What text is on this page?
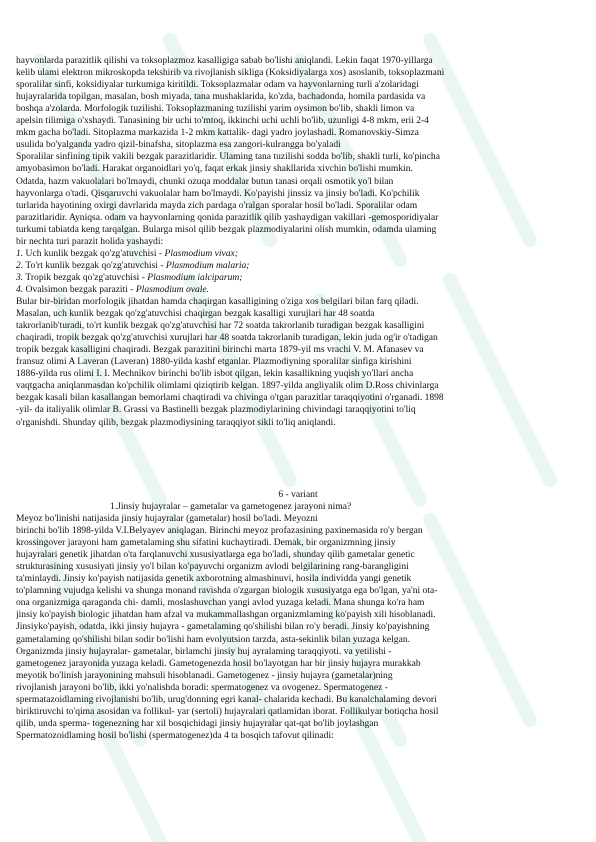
hayvonlarda parazitlik qilishi va toksoplazmoz kasalligiga sabab bo'lishi aniqlandi. Lekin faqat 1970-yillarga
kelib ulami elektron mikroskopda tekshirib va rivojlanish sikliga (Koksidiyalarga xos) asoslanib, toksoplazmani
sporalilar sinfi, koksidiyalar turkumiga kiritildi. Toksoplazmalar odam va hayvonlarning turli a'zolaridagi
hujayralarida topilgan, masalan, bosh miyada, tana mushaklarida, ko'zda, bachadonda, homila pardasida va
boshqa a'zolarda. Morfologik tuzilishi. Toksoplazmaning tuzilishi yarim oysimon bo'lib, shakli limon va
apelsin tilimiga o'xshaydi. Tanasining bir uchi to'mtoq, ikkinchi uchi uchli bo'lib, uzunligi 4-8 mkm, erii 2-4
mkm gacha bo'ladi. Sitoplazma markazida 1-2 mkm kattalik- dagi yadro joylashadi. Romanovskiy-Simza
usulida bo'yalganda yadro qizil-binafsha, sitoplazma esa zangori-kulrangga bo'yaladi
Sporalilar sinfining tipik vakili bezgak parazitlaridir. Ulaming tana tuzilishi sodda bo'lib, shakli turli, ko'pincha
amyobasimon bo'ladi. Harakat organoidlari yo'q, faqat erkak jinsiy shakllarida xivchin bo'lishi mumkin.
Odatda, hazm vakuolalari bo'lmaydi, chunki ozuqa moddalar butun tanasi orqali osmotik yo'l bilan
hayvonlarga o'tadi. Qisqaruvchi vakuolalar ham bo'lmaydi. Ko'payishi jinssiz va jinsiy bo'ladi. Ko'pchilik
turlarida hayotining oxirgi davrlarida mayda zich pardaga o'ralgan sporalar hosil bo'ladi. Sporalilar odam
parazitlaridir. Ayniqsa. odam va hayvonlarning qonida parazitlik qilib yashaydigan vakillari -gemosporidiyalar
turkumi tabiatda keng tarqalgan. Bularga misol qilib bezgak plazmodiyalarini olish mumkin, odamda ulaming
bir nechta turi parazit holida yashaydi:
1. Uch kunlik bezgak qo'zg'atuvchisi - Plasmodium vivax;
2. To'rt kunlik bezgak qo'zg'atuvchisi - Plasmodium malaria;
3. Tropik bezgak qo'zg'atuvchisi - Plasmodium ialciparum;
4. Ovalsimon bezgak paraziti - Plasmodium ovale.
Bular bir-biridan morfologik jihatdan hamda chaqirgan kasalligining o'ziga xos belgilari bilan farq qiladi.
Masalan, uch kunlik bezgak qo'zg'atuvchisi chaqirgan bezgak kasalligi xurujlari har 48 soatda
takrorlanib'turadi, to'rt kunlik bezgak qo'zg'atuvchisi har 72 soatda takrorlanib turadigan bezgak kasalligini
chaqiradi, tropik bezgak qo'zg'atuvchisi xurujlari har 48 soatda takrorlanib turadigan, lekin juda og'ir o'tadigan
tropik bezgak kasalligini chaqiradi. Bezgak parazitini birinchi marta 1879-yil ms vrachi V. M. Afanasev va
fransuz olimi A Laveran (Laveran) 1880-yilda kashf etganlar. Plazmodiyning sporalilar sinfiga kirishini
1886-yilda rus olimi I. I. Mechnikov birinchi bo'lib isbot qilgan, lekin kasallikning yuqish yo'llari ancha
vaqtgacha aniqlanmasdan ko'pchilik olimlami qiziqtirib kelgan. 1897-yilda angliyalik olim D.Ross chivinlarga
bezgak kasali bilan kasallangan bemorlami chaqtiradi va chivinga o'tgan parazitlar taraqqiyotini o'rganadi. 1898
-yil- da italiyalik olimlar B. Grassi va Bastinelli bezgak plazmodiylarining chivindagi taraqqiyotini to'liq
o'rganishdi. Shunday qilib, bezgak plazmodiysining taraqqiyot sikli to'liq aniqlandi.
6 - variant
1.Jinsiy hujayralar – gametalar va gametogenez jarayoni nima?
Meyoz bo'linishi natijasida jinsiy hujayralar (gametalar) hosil bo'ladi. Meyozni
birinchi bo'lib 1898-yilda V.I.Belyayev aniqlagan. Birinchi meyoz profazasining paxinemasida ro'y bergan
krossingover jarayoni ham gametalaming shu sifatini kuchaytiradi. Demak, bir organizmning jinsiy
hujayralari genetik jihatdan o'ta farqlanuvchi xususiyatlarga ega bo'ladi, shunday qilib gametalar genetic
strukturasining xususiyati jinsiy yo'l bilan ko'payuvchi organizm avlodi belgilarining rang-barangligini
ta'minlaydi. Jinsiy ko'payish natijasida genetik axborotning almashinuvi, hosila individda yangi genetik
to'plamning vujudga kelishi va shunga monand ravishda o'zgargan biologik xususiyatga ega bo'lgan, ya'ni ota-
ona organizmiga qaraganda chi- damli, moslashuvchan yangi avlod yuzaga keladi. Mana shunga ko'ra ham
jinsiy ko'payish biologic jihatdan ham afzal va mukammallashgan organizmlaming ko'payish xili hisoblanadi.
Jinsiyko'payish, odatda, ikki jinsiy hujayra - gametalaming qo'shilishi bilan ro'y beradi. Jinsiy ko'payishning
gametalaming qo'shilishi bilan sodir bo'lishi ham evolyutsion tarzda, asta-sekinlik bilan yuzaga kelgan.
Organizmda jinsiy hujayralar- gametalar, birlamchi jinsiy huj ayralaming taraqqiyoti. va yetilishi -
gametogenez jarayonida yuzaga keladi. Gametogenezda hosil bo'layotgan har bir jinsiy hujayra murakkab
meyotik bo'linish jarayonining mahsuli hisoblanadi. Gametogenez - jinsiy hujayra (gametalar)ning
rivojlanish jarayoni bo'lib, ikki yo'nalishda boradi: spermatogenez va ovogenez. Spermatogenez -
spermatazoidlaming rivojlanishi bo'lib, urug'donning egri kanal- chalarida kechadi. Bu kanalchalaming devori
biriktiruvchi to'qima asosidan va follikul- yar (sertoli) hujayralari qatlamidan iborat. Follikulyar botiqcha hosil
qilib, unda sperma- togenezning har xil bosqichidagi jinsiy hujayralar qat-qat bo'lib joylashgan
Spermatozoidlaming hosil bo'lishi (spermatogenez)da 4 ta bosqich tafovut qilinadi:
